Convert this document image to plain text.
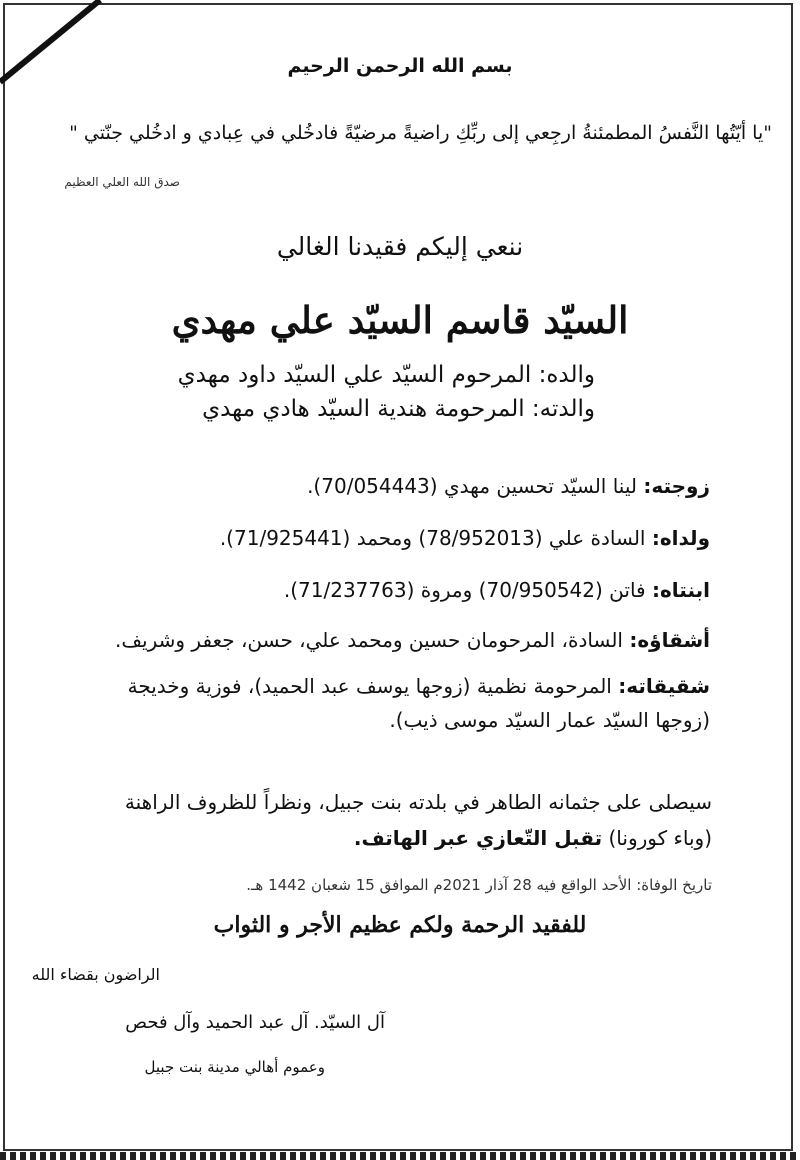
بسم الله الرحمن الرحيم
"يا أيّتُها النَّفسُ المطمئنةُ ارجِعي إلى ربِّكِ راضيةً مرضيّةً فادخُلي في عِبادي و ادخُلي جنّتي "
صدق الله العلي العظيم
ننعي إليكم فقيدنا الغالي
السيّد قاسم السيّد علي مهدي
والده: المرحوم السيّد علي السيّد داود مهدي
والدته: المرحومة هندية السيّد هادي مهدي
زوجته: لينا السيّد تحسين مهدي (70/054443).
ولداه: السادة علي (78/952013) ومحمد (71/925441).
ابنتاه: فاتن (70/950542) ومروة (71/237763).
أشقاؤه: السادة، المرحومان حسين ومحمد علي، حسن، جعفر وشريف.
شقيقاته: المرحومة نظمية (زوجها يوسف عبد الحميد)، فوزية وخديجة
(زوجها السيّد عمار السيّد موسى ذيب).
سيصلى على جثمانه الطاهر في بلدته بنت جبيل، ونظراً للظروف الراهنة
(وباء كورونا) تقبل التّعازي عبر الهاتف.
تاريخ الوفاة: الأحد الواقع فيه 28 آذار 2021م الموافق 15 شعبان 1442 هـ.
للفقيد الرحمة ولكم عظيم الأجر و الثواب
الراضون بقضاء الله
آل السيّد. آل عبد الحميد وآل فحص
وعموم أهالي مدينة بنت جبيل
